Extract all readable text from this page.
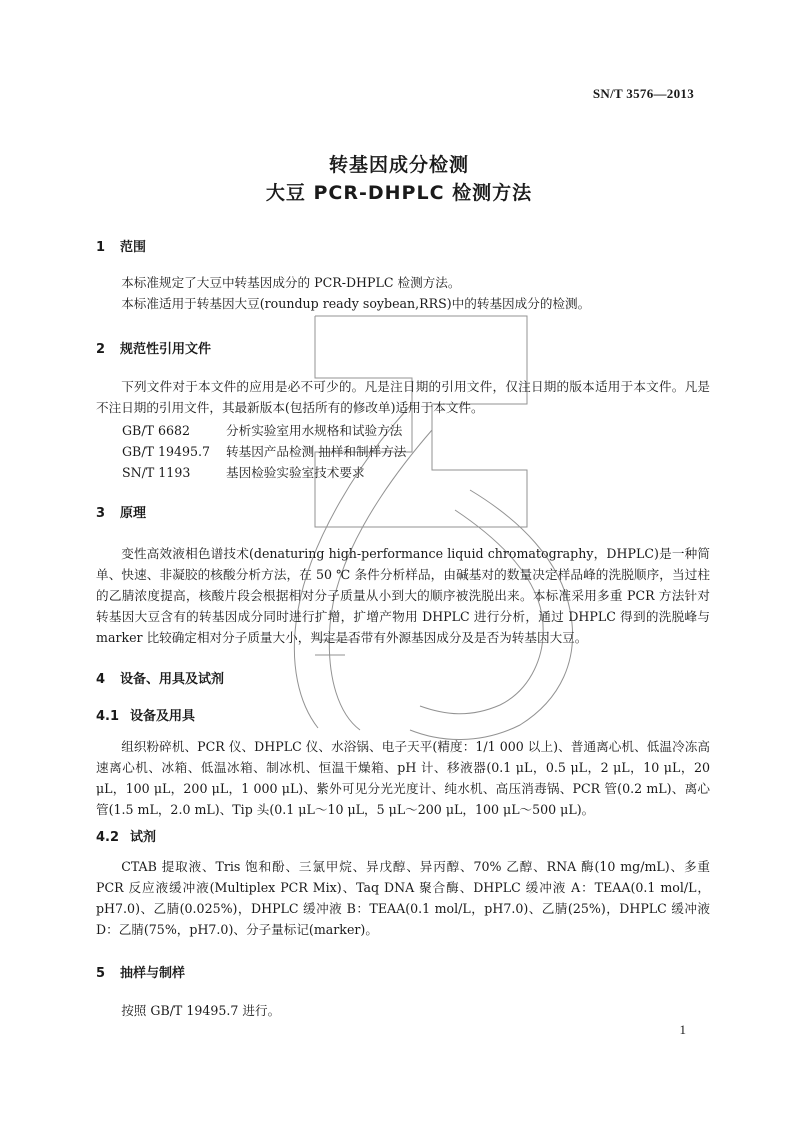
SN/T 3576—2013
转基因成分检测
大豆 PCR-DHPLC 检测方法
1 范围

本标准规定了大豆中转基因成分的 PCR-DHPLC 检测方法。

本标准适用于转基因大豆(roundup ready soybean,RRS)中的转基因成分的检测。

2 规范性引用文件

下列文件对于本文件的应用是必不可少的。凡是注日期的引用文件，仅注日期的版本适用于本文件。凡是不注日期的引用文件，其最新版本(包括所有的修改单)适用于本文件。

GB/T 6682	分析实验室用水规格和试验方法
GB/T 19495.7 转基因产品检测 抽样和制样方法
SN/T 1193	基因检验实验室技术要求
3 原理

变性高效液相色谱技术(denaturing high-performance liquid chromatography，DHPLC)是一种简单、快速、非凝胶的核酸分析方法，在 50 ℃ 条件分析样品，由碱基对的数量决定样品峰的洗脱顺序，当过柱的乙腈浓度提高，核酸片段会根据相对分子质量从小到大的顺序被洗脱出来。本标准采用多重 PCR 方法针对转基因大豆含有的转基因成分同时进行扩增，扩增产物用 DHPLC 进行分析，通过 DHPLC 得到的洗脱峰与 marker 比较确定相对分子质量大小，判定是否带有外源基因成分及是否为转基因大豆。

4 设备、用具及试剂
4.1 设备及用具

组织粉碎机、PCR 仪、DHPLC 仪、水浴锅、电子天平(精度：1/1 000 以上)、普通离心机、低温冷冻高速离心机、冰箱、低温冰箱、制冰机、恒温干燥箱、pH 计、移液器(0.1 μL，0.5 μL，2 μL，10 μL，20 μL，100 μL，200 μL，1 000 μL)、紫外可见分光光度计、纯水机、高压消毒锅、PCR 管(0.2 mL)、离心管(1.5 mL，2.0 mL)、Tip 头(0.1 μL～10 μL，5 μL～200 μL，100 μL～500 μL)。

4.2 试剂

CTAB 提取液、Tris 饱和酚、三氯甲烷、异戊醇、异丙醇、70% 乙醇、RNA 酶(10 mg/mL)、多重 PCR 反应液缓冲液(Multiplex PCR Mix)、Taq DNA 聚合酶、DHPLC 缓冲液 A：TEAA(0.1 mol/L，pH7.0)、乙腈(0.025%)，DHPLC 缓冲液 B：TEAA(0.1 mol/L，pH7.0)、乙腈(25%)，DHPLC 缓冲液 D：乙腈(75%，pH7.0)、分子量标记(marker)。

5 抽样与制样

按照 GB/T 19495.7 进行。

1
